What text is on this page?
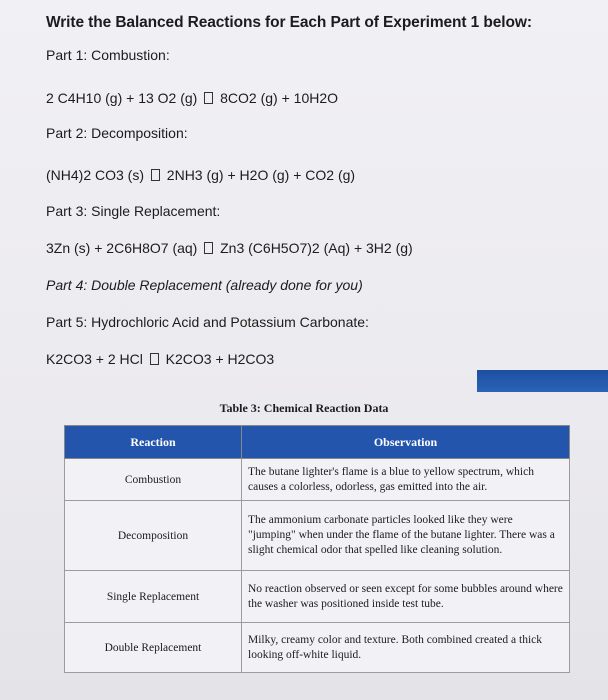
Write the Balanced Reactions for Each Part of Experiment 1 below:
Part 1: Combustion:
2 C4H10 (g) + 13 O2 (g) 8CO2 (g) + 10H2O
Part 2: Decomposition:
(NH4)2 CO3 (s) 2NH3 (g) + H2O (g) + CO2 (g)
Part 3: Single Replacement:
3Zn (s) + 2C6H8O7 (aq) Zn3 (C6H5O7)2 (Aq) + 3H2 (g)
Part 4: Double Replacement (already done for you)
Part 5: Hydrochloric Acid and Potassium Carbonate:
K2CO3 + 2 HCl K2CO3 + H2CO3
Table 3: Chemical Reaction Data
Reaction	Observation
Combustion	The butane lighter's flame is a blue to yellow spectrum, which causes a colorless, odorless, gas emitted into the air.
Decomposition	The ammonium carbonate particles looked like they were "jumping" when under the flame of the butane lighter. There was a slight chemical odor that spelled like cleaning solution.
Single Replacement	No reaction observed or seen except for some bubbles around where the washer was positioned inside test tube.
Double Replacement	Milky, creamy color and texture. Both combined created a thick looking off-white liquid.
